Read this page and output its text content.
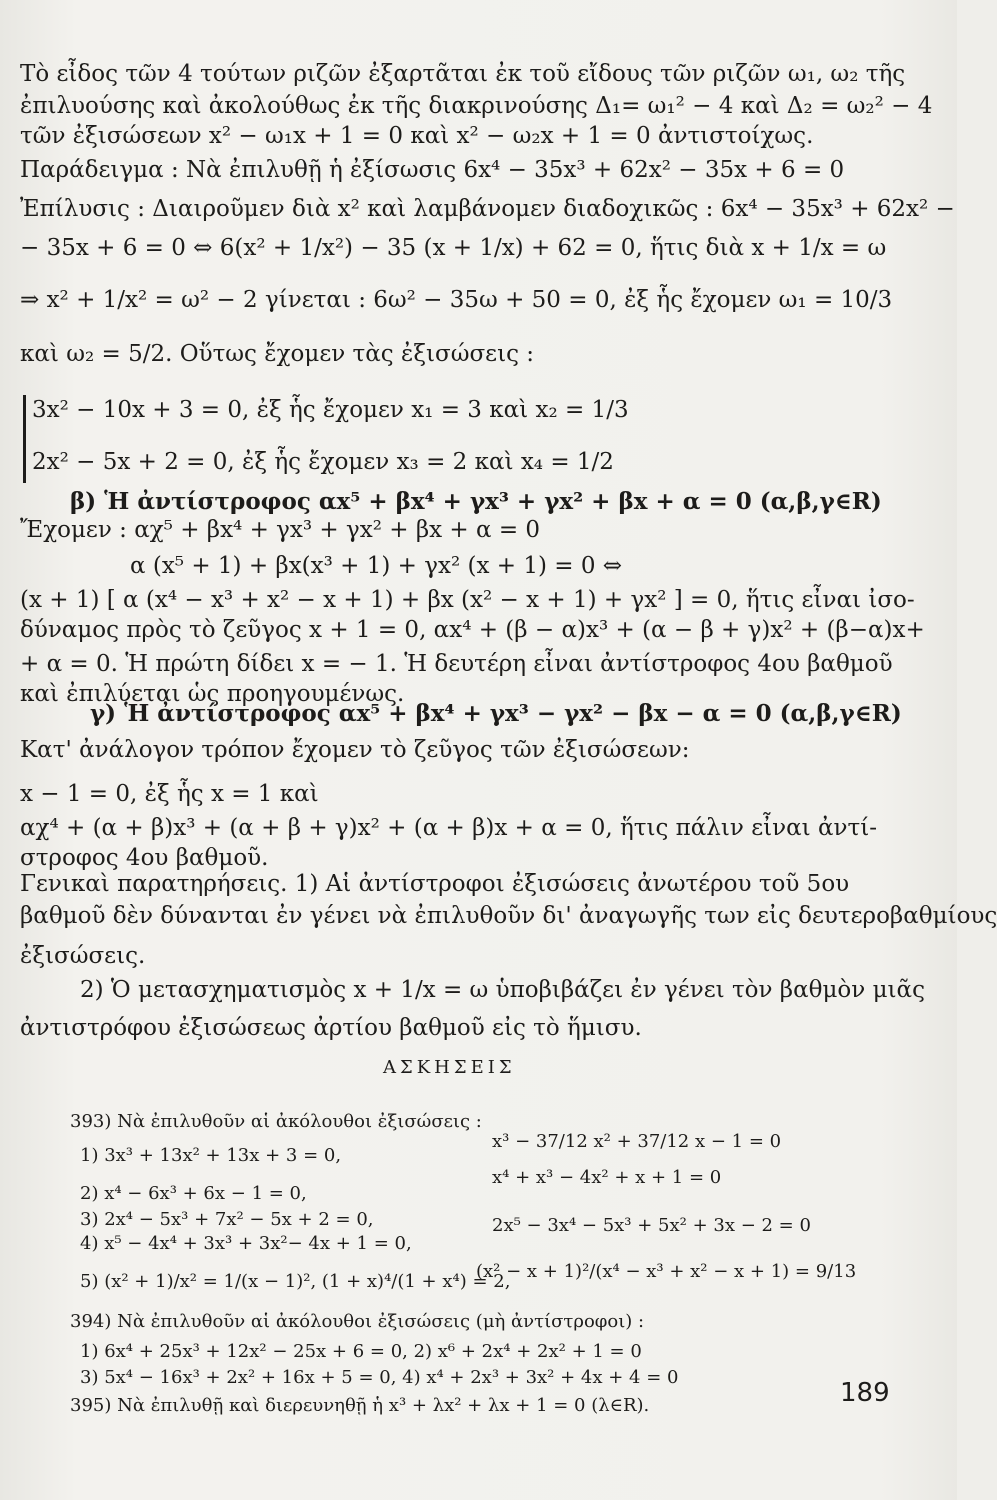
Τὸ εἶδος τῶν 4 τούτων ριζῶν ἐξαρτᾶται ἐκ τοῦ εἴδους τῶν ριζῶν ω₁, ω₂ τῆς
ἐπιλυούσης καὶ ἀκολούθως ἐκ τῆς διακρινούσης Δ₁= ω₁² − 4 καὶ Δ₂ = ω₂² − 4
τῶν ἐξισώσεων x² − ω₁x + 1 = 0 καὶ x² − ω₂x + 1 = 0 ἀντιστοίχως.
Παράδειγμα : Νὰ ἐπιλυθῇ ἡ ἐξίσωσις 6x⁴ − 35x³ + 62x² − 35x + 6 = 0
Ἐπίλυσις : Διαιροῦμεν διὰ x² καὶ λαμβάνομεν διαδοχικῶς : 6x⁴ − 35x³ + 62x² −
− 35x + 6 = 0 ⇔ 6(x² + 1/x²) − 35 (x + 1/x) + 62 = 0, ἥτις διὰ x + 1/x = ω
⇒ x² + 1/x² = ω² − 2 γίνεται : 6ω² − 35ω + 50 = 0, ἐξ ἧς ἔχομεν ω₁ = 10/3
καὶ ω₂ = 5/2. Οὕτως ἔχομεν τὰς ἐξισώσεις :
3x² − 10x + 3 = 0, ἐξ ἧς ἔχομεν x₁ = 3 καὶ x₂ = 1/3
2x² − 5x + 2 = 0, ἐξ ἧς ἔχομεν x₃ = 2 καὶ x₄ = 1/2
β) Ἡ ἀντίστροφος αx⁵ + βx⁴ + γx³ + γx² + βx + α = 0 (α,β,γ∈R)
Ἔχομεν : αχ⁵ + βx⁴ + γx³ + γx² + βx + α = 0
α (x⁵ + 1) + βx(x³ + 1) + γx² (x + 1) = 0 ⇔
(x + 1) [ α (x⁴ − x³ + x² − x + 1) + βx (x² − x + 1) + γx² ] = 0, ἥτις εἶναι ἰσο-
δύναμος πρὸς τὸ ζεῦγος x + 1 = 0, αx⁴ + (β − α)x³ + (α − β + γ)x² + (β−α)x+
+ α = 0. Ἡ πρώτη δίδει x = − 1. Ἡ δευτέρη εἶναι ἀντίστροφος 4ου βαθμοῦ
καὶ ἐπιλύεται ὡς προηγουμένως.
γ) Ἡ ἀντίστροφος αx⁵ + βx⁴ + γx³ − γx² − βx − α = 0 (α,β,γ∈R)
Κατ' ἀνάλογον τρόπον ἔχομεν τὸ ζεῦγος τῶν ἐξισώσεων:
x − 1 = 0, ἐξ ἧς x = 1 καὶ
αχ⁴ + (α + β)x³ + (α + β + γ)x² + (α + β)x + α = 0, ἥτις πάλιν εἶναι ἀντί-
στροφος 4ου βαθμοῦ.
Γενικαὶ παρατηρήσεις. 1) Αἱ ἀντίστροφοι ἐξισώσεις ἀνωτέρου τοῦ 5ου
βαθμοῦ δὲν δύνανται ἐν γένει νὰ ἐπιλυθοῦν δι' ἀναγωγῆς των εἰς δευτεροβαθμίους
ἐξισώσεις.
2) Ὁ μετασχηματισμὸς x + 1/x = ω ὑποβιβάζει ἐν γένει τὸν βαθμὸν μιᾶς
ἀντιστρόφου ἐξισώσεως ἀρτίου βαθμοῦ εἰς τὸ ἥμισυ.
ΑΣΚΗΣΕΙΣ
393) Νὰ ἐπιλυθοῦν αἱ ἀκόλουθοι ἐξισώσεις :
1) 3x³ + 13x² + 13x + 3 = 0,
2) x⁴ − 6x³ + 6x − 1 = 0,
3) 2x⁴ − 5x³ + 7x² − 5x + 2 = 0,
4) x⁵ − 4x⁴ + 3x³ + 3x²− 4x + 1 = 0,
5) (x² + 1)/x² = 1/(x − 1)², (1 + x)⁴/(1 + x⁴) = 2,
394) Νὰ ἐπιλυθοῦν αἱ ἀκόλουθοι ἐξισώσεις (μὴ ἀντίστροφοι) :
1) 6x⁴ + 25x³ + 12x² − 25x + 6 = 0, 2) x⁶ + 2x⁴ + 2x² + 1 = 0
3) 5x⁴ − 16x³ + 2x² + 16x + 5 = 0, 4) x⁴ + 2x³ + 3x² + 4x + 4 = 0
395) Νὰ ἐπιλυθῇ καὶ διερευνηθῇ ἡ x³ + λx² + λx + 1 = 0 (λ∈R).
x³ − 37/12 x² + 37/12 x − 1 = 0
x⁴ + x³ − 4x² + x + 1 = 0
2x⁵ − 3x⁴ − 5x³ + 5x² + 3x − 2 = 0
(x² − x + 1)²/(x⁴ − x³ + x² − x + 1) = 9/13
189
